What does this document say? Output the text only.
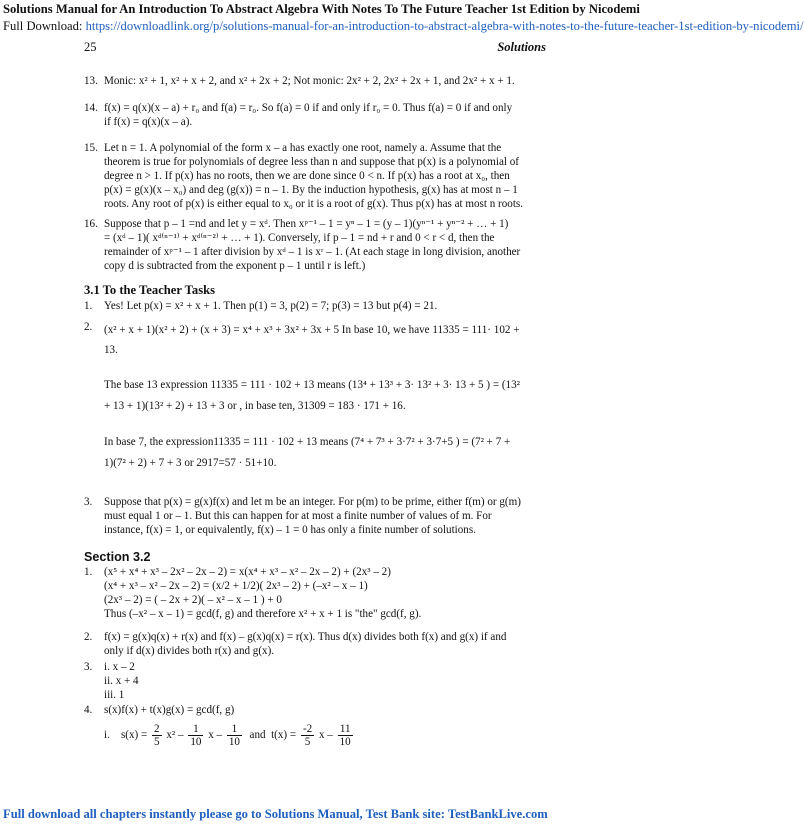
Solutions Manual for An Introduction To Abstract Algebra With Notes To The Future Teacher 1st Edition by Nicodemi
Full Download: https://downloadlink.org/p/solutions-manual-for-an-introduction-to-abstract-algebra-with-notes-to-the-future-teacher-1st-edition-by-nicodemi/
25	Solutions
13. Monic: x² + 1, x² + x + 2, and x² + 2x + 2; Not monic: 2x² + 2, 2x² + 2x + 1, and 2x² + x + 1.

14. f(x) = q(x)(x – a) + r₀ and f(a) = r₀. So f(a) = 0 if and only if r₀ = 0. Thus f(a) = 0 if and only

if f(x) = q(x)(x – a).

15. Let n = 1. A polynomial of the form x – a has exactly one root, namely a. Assume that the

theorem is true for polynomials of degree less than n and suppose that p(x) is a polynomial of

degree n > 1. If p(x) has no roots, then we are done since 0 < n. If p(x) has a root at x₀, then

p(x) = g(x)(x – x₀) and deg (g(x)) = n – 1. By the induction hypothesis, g(x) has at most n – 1

roots. Any root of p(x) is either equal to x₀ or it is a root of g(x). Thus p(x) has at most n roots.

16. Suppose that p – 1 =nd and let y = xᵈ. Then xᵖ⁻¹ – 1 = yⁿ – 1 = (y – 1)(yⁿ⁻¹ + yⁿ⁻² + … + 1)

= (xᵈ – 1)( xᵈ⁽ⁿ⁻¹⁾ + xᵈ⁽ⁿ⁻²⁾ + … + 1). Conversely, if p – 1 = nd + r and 0 < r < d, then the

remainder of xᵖ⁻¹ – 1 after division by xᵈ – 1 is xʳ – 1. (At each stage in long division, another

copy d is subtracted from the exponent p – 1 until r is left.)

3.1 To the Teacher Tasks
1.	Yes! Let p(x) = x² + x + 1. Then p(1) = 3, p(2) = 7; p(3) = 13 but p(4) = 21.

2.	(x² + x + 1)(x² + 2) + (x + 3) = x⁴ + x³ + 3x² + 3x + 5 In base 10, we have 11335 = 111· 102 +

13.

The base 13 expression 11335 = 111 · 102 + 13 means (13⁴ + 13³ + 3· 13² + 3· 13 + 5 ) = (13²

+ 13 + 1)(13² + 2) + 13 + 3 or , in base ten, 31309 = 183 · 171 + 16.

In base 7, the expression11335 = 111 · 102 + 13 means (7⁴ + 7³ + 3·7² + 3·7+5 ) = (7² + 7 +

1)(7² + 2) + 7 + 3 or 2917=57 · 51+10.

3.	Suppose that p(x) = g(x)f(x) and let m be an integer. For p(m) to be prime, either f(m) or g(m)

must equal 1 or – 1. But this can happen for at most a finite number of values of m. For

instance, f(x) = 1, or equivalently, f(x) – 1 = 0 has only a finite number of solutions.

Section 3.2
1.	(x⁵ + x⁴ + x³ – 2x² – 2x – 2) = x(x⁴ + x³ – x² – 2x – 2) + (2x³ – 2)

(x⁴ + x³ – x² – 2x – 2) = (x/2 + 1/2)( 2x³ – 2) + (–x² – x – 1)

(2x³ – 2) = ( – 2x + 2)( – x² – x – 1 ) + 0

Thus (–x² – x – 1) = gcd(f, g) and therefore x² + x + 1 is "the" gcd(f, g).

2.	f(x) = g(x)q(x) + r(x) and f(x) – g(x)q(x) = r(x). Thus d(x) divides both f(x) and g(x) if and

only if d(x) divides both r(x) and g(x).

3.	i. x – 2

ii. x + 4

iii. 1

4.	s(x)f(x) + t(x)g(x) = gcd(f, g)

i. $s(x) = \frac{2}{5} x^2 - \frac{1}{10}$ x – $\frac{1}{10}$ and $t(x) = \frac{-2}{5}$ x – $\frac{11}{10}$

Full download all chapters instantly please go to Solutions Manual, Test Bank site: TestBankLive.com
